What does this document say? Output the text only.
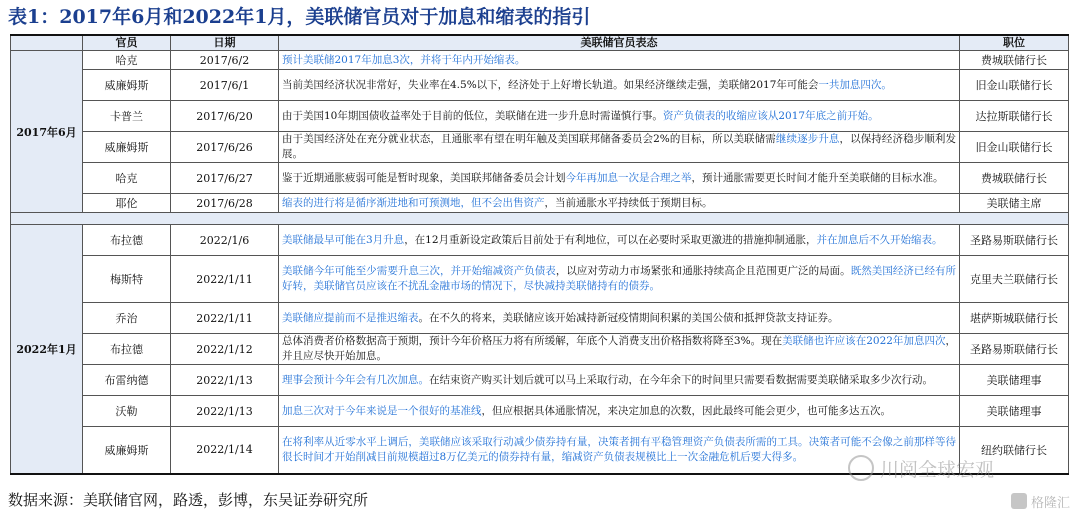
表1：2017年6月和2022年1月，美联储官员对于加息和缩表的指引
	官员	日期	美联储官员表态	职位
2017年6月	哈克	2017/6/2	预计美联储2017年加息3次，并将于年内开始缩表。	费城联储行长
	威廉姆斯	2017/6/1	当前美国经济状况非常好，失业率在4.5%以下，经济处于上好增长轨道。如果经济继续走强，美联储2017年可能会一共加息四次。	旧金山联储行长
	卡普兰	2017/6/20	由于美国10年期国债收益率处于目前的低位，美联储在进一步升息时需谨慎行事。资产负债表的收缩应该从2017年底之前开始。	达拉斯联储行长
	威廉姆斯	2017/6/26	由于美国经济处在充分就业状态，且通胀率有望在明年触及美国联邦储备委员会2%的目标，所以美联储需继续逐步升息，以保持经济稳步顺利发展。	旧金山联储行长
	哈克	2017/6/27	鉴于近期通胀疲弱可能是暂时现象，美国联邦储备委员会计划今年再加息一次是合理之举，预计通胀需要更长时间才能升至美联储的目标水准。	费城联储行长
	耶伦	2017/6/28	缩表的进行将是循序渐进地和可预测地，但不会出售资产，当前通胀水平持续低于预期目标。	美联储主席

2022年1月	布拉德	2022/1/6	美联储最早可能在3月升息，在12月重新设定政策后目前处于有利地位，可以在必要时采取更激进的措施抑制通胀，并在加息后不久开始缩表。	圣路易斯联储行长
	梅斯特	2022/1/11	美联储今年可能至少需要升息三次，并开始缩减资产负债表，以应对劳动力市场紧张和通胀持续高企且范围更广泛的局面。既然美国经济已经有所好转，美联储官员应该在不扰乱金融市场的情况下，尽快减持美联储持有的债券。	克里夫兰联储行长
	乔治	2022/1/11	美联储应提前而不是推迟缩表。在不久的将来，美联储应该开始减持新冠疫情期间积累的美国公债和抵押贷款支持证券。	堪萨斯城联储行长
	布拉德	2022/1/12	总体消费者价格数据高于预期，预计今年价格压力将有所缓解，年底个人消费支出价格指数将降至3%。现在美联储也许应该在2022年加息四次，并且应尽快开始加息。	圣路易斯联储行长
	布雷纳德	2022/1/13	理事会预计今年会有几次加息。在结束资产购买计划后就可以马上采取行动，在今年余下的时间里只需要看数据需要美联储采取多少次行动。	美联储理事
	沃勒	2022/1/13	加息三次对于今年来说是一个很好的基准线，但应根据具体通胀情况，来决定加息的次数，因此最终可能会更少，也可能多达五次。	美联储理事
	威廉姆斯	2022/1/14	在将利率从近零水平上调后，美联储应该采取行动减少债券持有量，决策者拥有平稳管理资产负债表所需的工具。决策者可能不会像之前那样等待很长时间才开始削减目前规模超过8万亿美元的债券持有量，缩减资产负债表规模比上一次金融危机后要大得多。	纽约联储行长
川阅全球宏观
数据来源：美联储官网，路透，彭博，东吴证券研究所	格隆汇
